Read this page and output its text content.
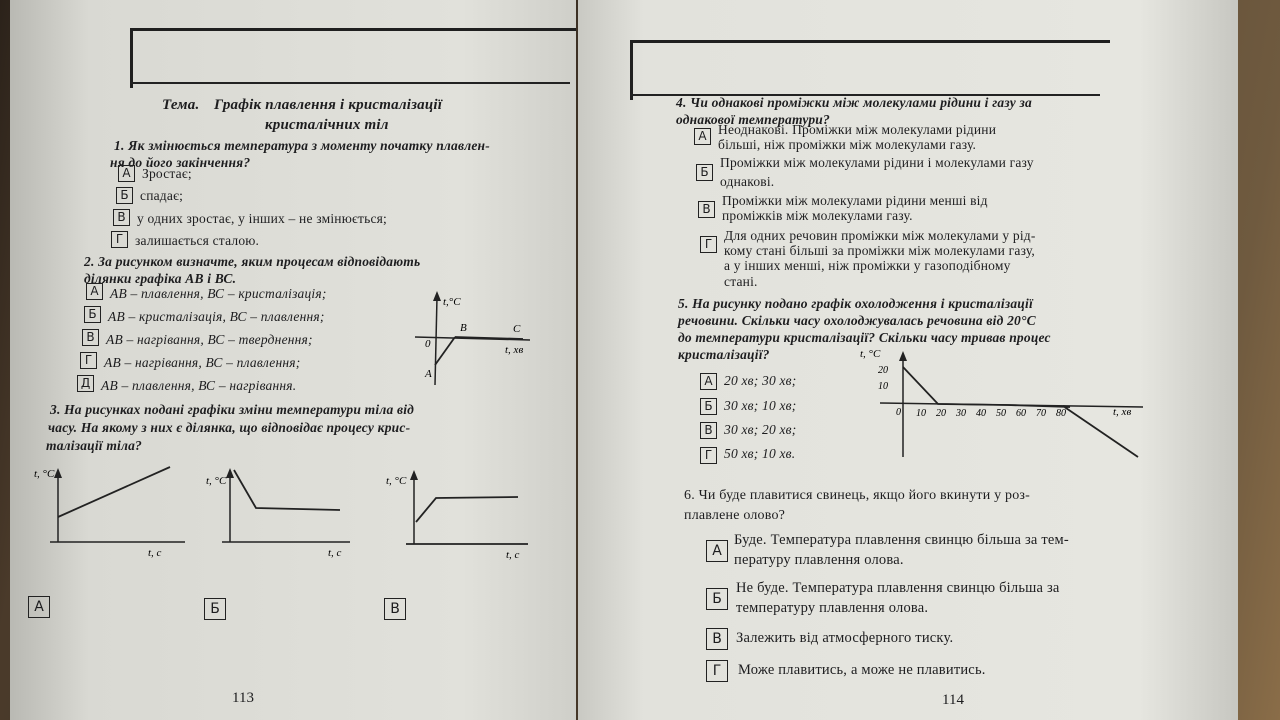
Тема. Графік плавлення і кристалізації
кристалічних тіл
1. Як змінюється температура з моменту початку плавлен-
ня до його закінчення?
А Зростає;
Б спадає;
В у одних зростає, у інших – не змінюється;
Г залишається сталою.
2. За рисунком визначте, яким процесам відповідають
ділянки графіка АВ і ВС.
А АВ – плавлення, ВС – кристалізація;
Б АВ – кристалізація, ВС – плавлення;
В АВ – нагрівання, ВС – тверднення;
Г АВ – нагрівання, ВС – плавлення;
Д АВ – плавлення, ВС – нагрівання.
t,°C
t, хв
0
А
B	C
3. На рисунках подані графіки зміни температури тіла від
часу. На якому з них є ділянка, що відповідає процесу крис-
талізації тіла?
t, °C
t, c
t, °C
t, c
t, °C
t, c
А	Б	В
113
4. Чи однакові проміжки між молекулами рідини і газу за
однакової температури?
А Неоднакові. Проміжки між молекулами рідини
більші, ніж проміжки між молекулами газу.
Б
Проміжки між молекулами рідини і молекулами газу
однакові.
В
Проміжки між молекулами рідини менші від
проміжків між молекулами газу.
Г
Для одних речовин проміжки між молекулами у рід-
кому стані більші за проміжки між молекулами газу,
а у інших менші, ніж проміжки у газоподібному
стані.
5. На рисунку подано графік охолодження і кристалізації
речовини. Скільки часу охолоджувалась речовина від 20°С
до температури кристалізації? Скільки часу тривав процес
кристалізації?
А 20 хв; 30 хв;
Б 30 хв; 10 хв;
В 30 хв; 20 хв;
Г 50 хв; 10 хв.
t, °C
t, хв
0
20
10
10 20 30 40 50 60 70 80
6. Чи буде плавитися свинець, якщо його вкинути у роз-
плавлене олово?
А
Буде. Температура плавлення свинцю більша за тем-
пературу плавлення олова.
Б
Не буде. Температура плавлення свинцю більша за
температуру плавлення олова.
В Залежить від атмосферного тиску.
Г	Може плавитись, а може не плавитись.
114
